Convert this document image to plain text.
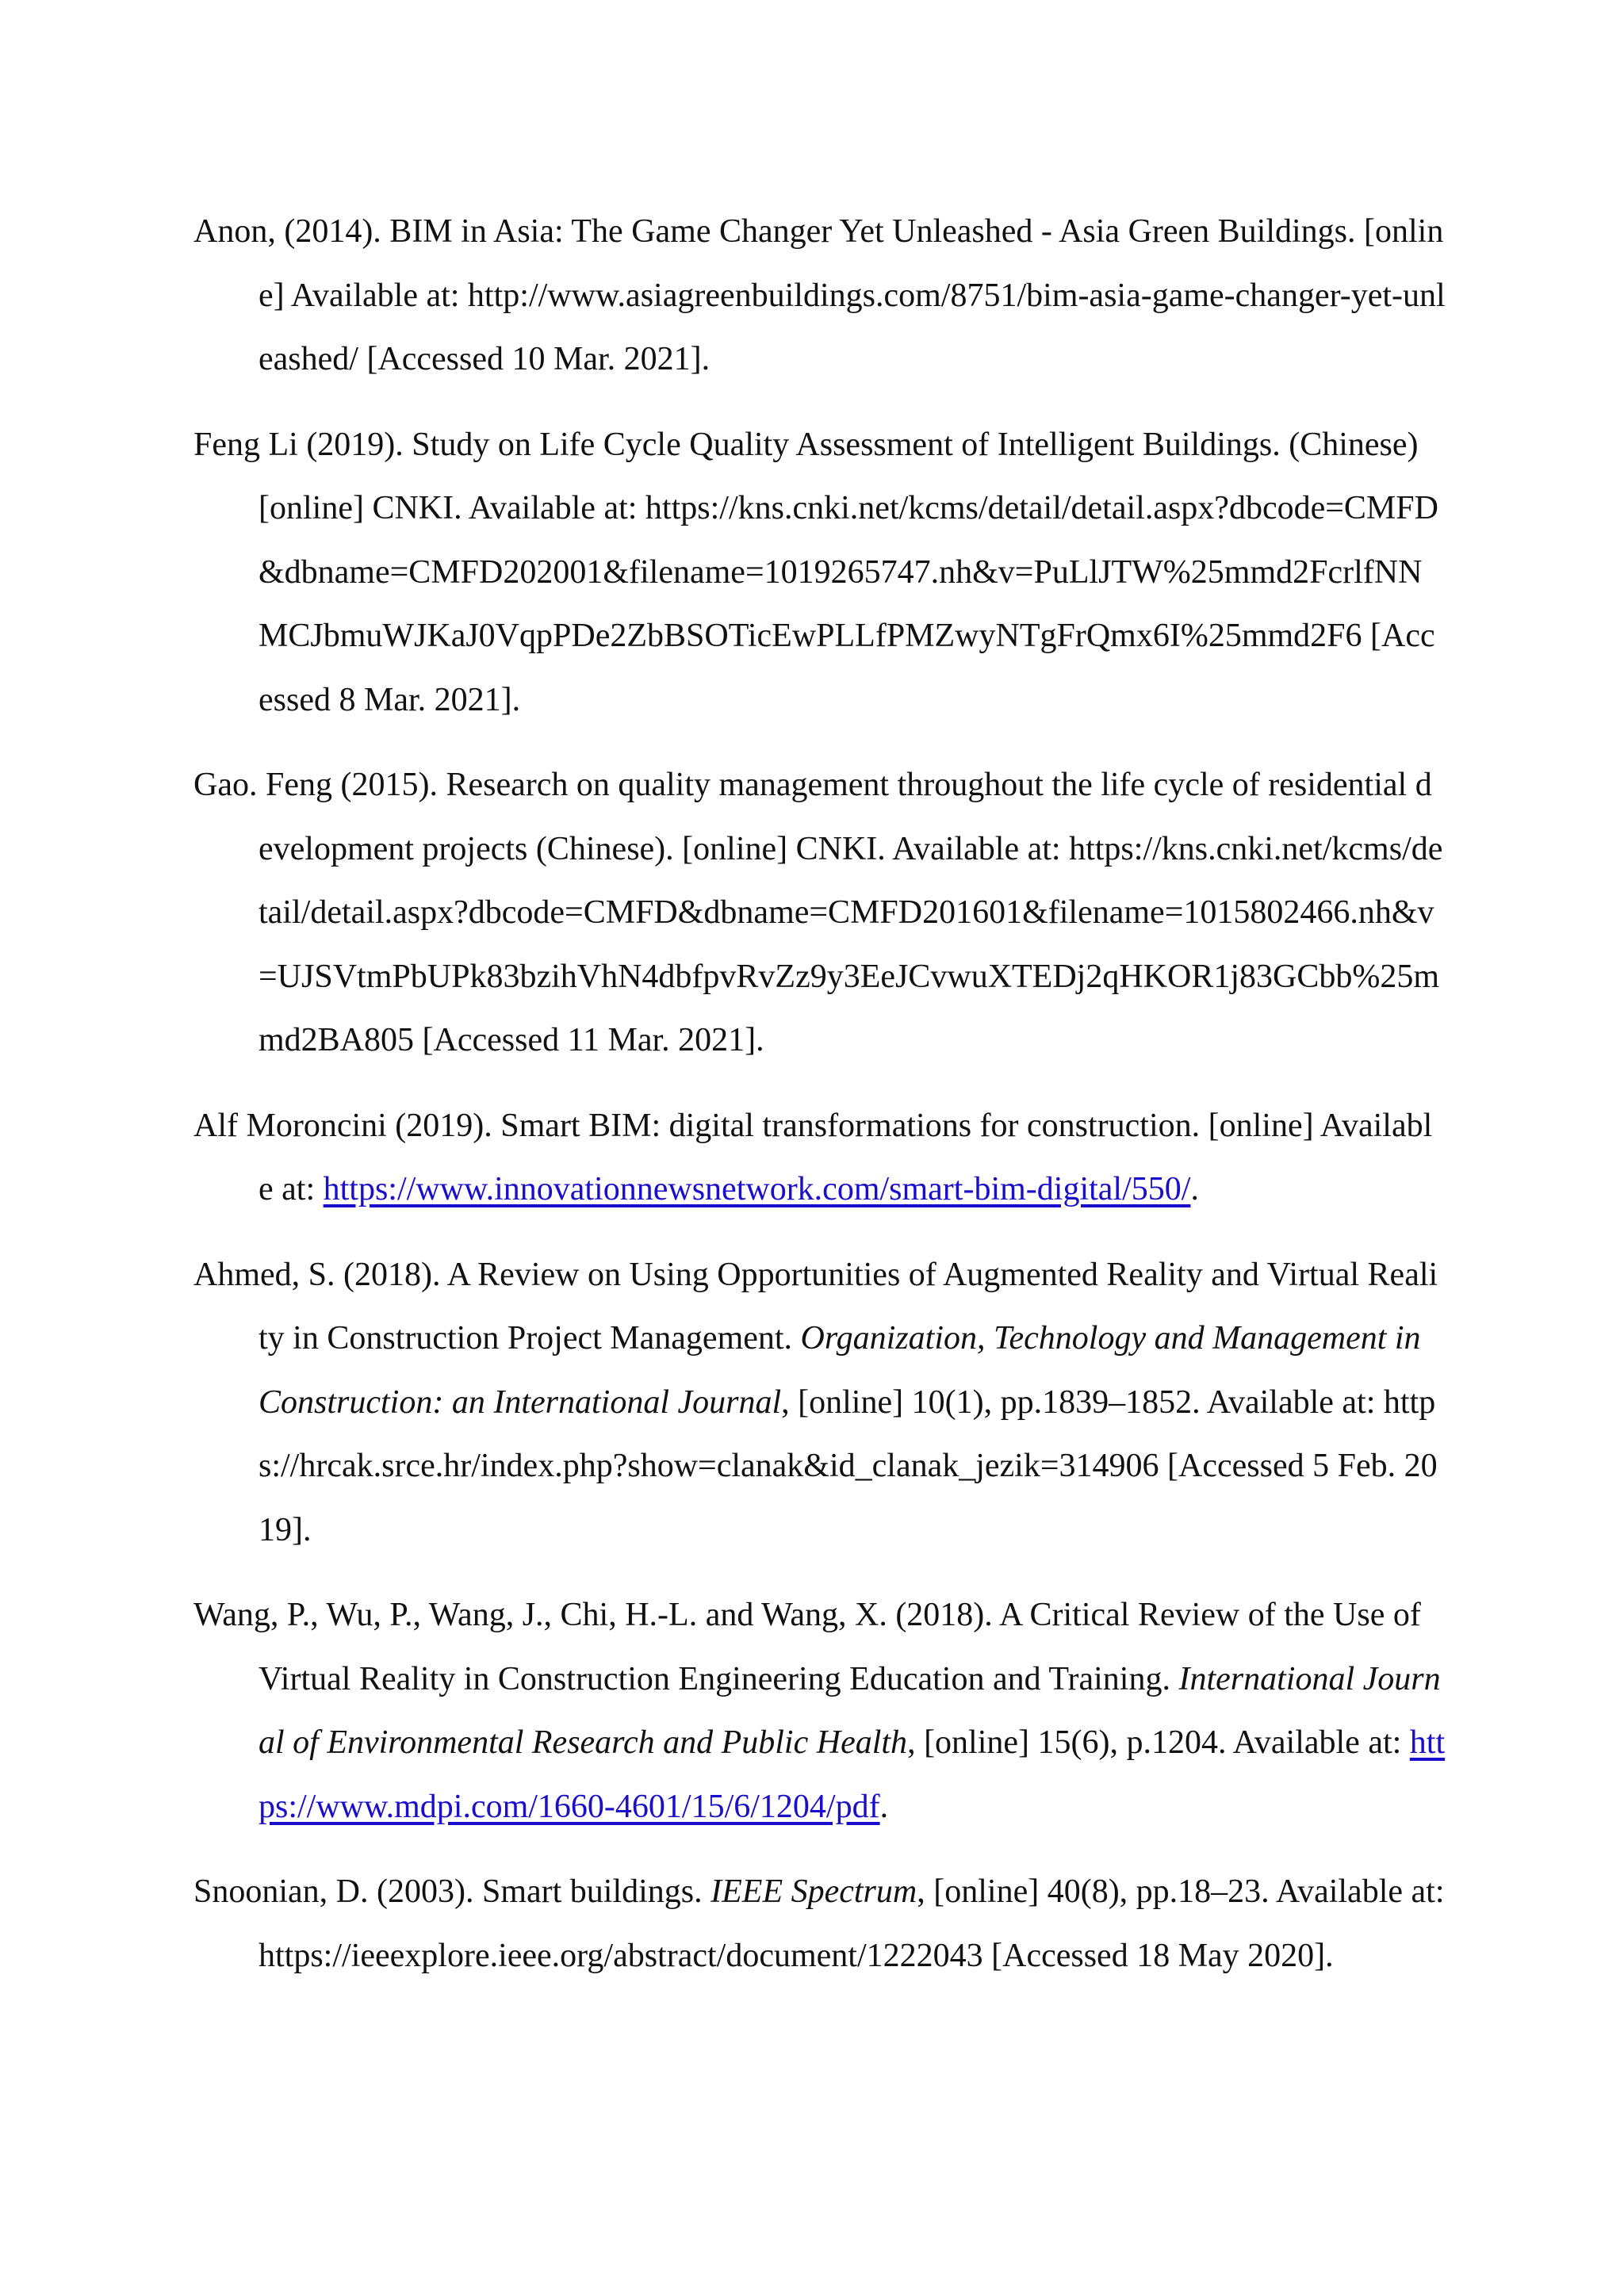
Anon, (2014). BIM in Asia: The Game Changer Yet Unleashed - Asia Green Buildings. [online] Available at: http://www.asiagreenbuildings.com/8751/bim-asia-game-changer-yet-unleashed/ [Accessed 10 Mar. 2021].

Feng Li (2019). Study on Life Cycle Quality Assessment of Intelligent Buildings. (Chinese) [online] CNKI. Available at: https://kns.cnki.net/kcms/detail/detail.aspx?dbcode=CMFD&dbname=CMFD202001&filename=1019265747.nh&v=PuLlJTW%25mmd2FcrlfNNMCJbmuWJKaJ0VqpPDe2ZbBSOTicEwPLLfPMZwyNTgFrQmx6I%25mmd2F6 [Accessed 8 Mar. 2021].

Gao. Feng (2015). Research on quality management throughout the life cycle of residential development projects (Chinese). [online] CNKI. Available at: https://kns.cnki.net/kcms/detail/detail.aspx?dbcode=CMFD&dbname=CMFD201601&filename=1015802466.nh&v=UJSVtmPbUPk83bzihVhN4dbfpvRvZz9y3EeJCvwuXTEDj2qHKOR1j83GCbb%25mmd2BA805 [Accessed 11 Mar. 2021].

Alf Moroncini (2019). Smart BIM: digital transformations for construction. [online] Available at: https://www.innovationnewsnetwork.com/smart-bim-digital/550/.

Ahmed, S. (2018). A Review on Using Opportunities of Augmented Reality and Virtual Reality in Construction Project Management. Organization, Technology and Management in Construction: an International Journal, [online] 10(1), pp.1839–1852. Available at: https://hrcak.srce.hr/index.php?show=clanak&id_clanak_jezik=314906 [Accessed 5 Feb. 2019].

Wang, P., Wu, P., Wang, J., Chi, H.-L. and Wang, X. (2018). A Critical Review of the Use of Virtual Reality in Construction Engineering Education and Training. International Journal of Environmental Research and Public Health, [online] 15(6), p.1204. Available at: https://www.mdpi.com/1660-4601/15/6/1204/pdf.

Snoonian, D. (2003). Smart buildings. IEEE Spectrum, [online] 40(8), pp.18–23. Available at: https://ieeexplore.ieee.org/abstract/document/1222043 [Accessed 18 May 2020].
